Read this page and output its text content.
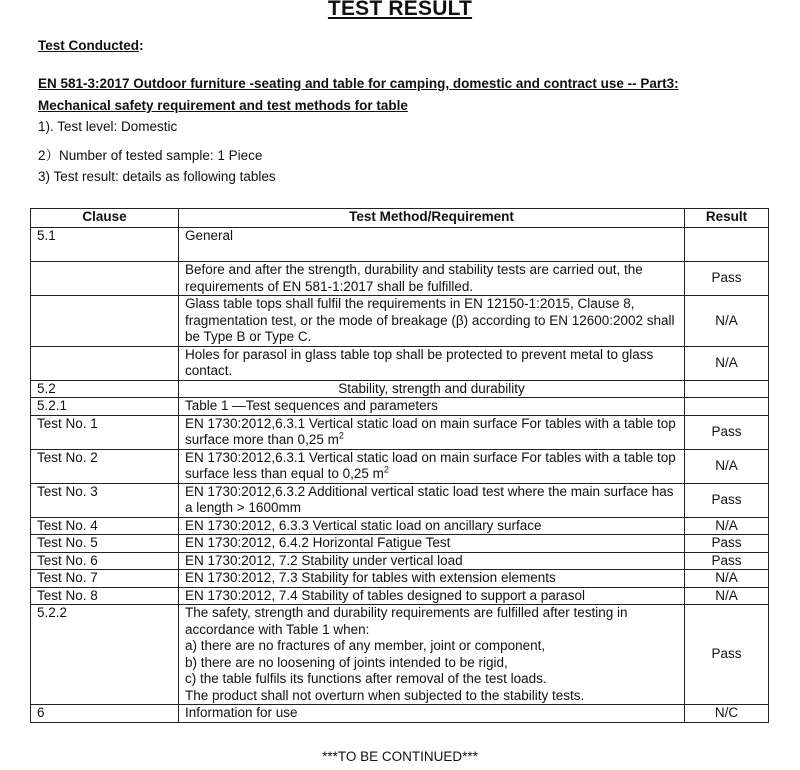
TEST RESULT
Test Conducted:
EN 581-3:2017 Outdoor furniture -seating and table for camping, domestic and contract use -- Part3:
Mechanical safety requirement and test methods for table
1). Test level: Domestic
2）Number of tested sample: 1 Piece
3) Test result: details as following tables
Clause	Test Method/Requirement	Result
5.1	General	
	Before and after the strength, durability and stability tests are carried out, the requirements of EN 581-1:2017 shall be fulfilled.	Pass
	Glass table tops shall fulfil the requirements in EN 12150-1:2015, Clause 8, fragmentation test, or the mode of breakage (β) according to EN 12600:2002 shall be Type B or Type C.	N/A
	Holes for parasol in glass table top shall be protected to prevent metal to glass contact.	N/A
5.2	Stability, strength and durability	
5.2.1	Table 1 —Test sequences and parameters	
Test No. 1	EN 1730:2012,6.3.1 Vertical static load on main surface For tables with a table top surface more than 0,25 $m^2$	Pass
Test No. 2	EN 1730:2012,6.3.1 Vertical static load on main surface For tables with a table top surface less than equal to 0,25 $m^2$	N/A
Test No. 3	EN 1730:2012,6.3.2 Additional vertical static load test where the main surface has a length > 1600mm	Pass
Test No. 4	EN 1730:2012, 6.3.3 Vertical static load on ancillary surface	N/A
Test No. 5	EN 1730:2012, 6.4.2 Horizontal Fatigue Test	Pass
Test No. 6	EN 1730:2012, 7.2 Stability under vertical load	Pass
Test No. 7	EN 1730:2012, 7.3 Stability for tables with extension elements	N/A
Test No. 8	EN 1730:2012, 7.4 Stability of tables designed to support a parasol	N/A
5.2.2	The safety, strength and durability requirements are fulfilled after testing in accordance with Table 1 when:
a) there are no fractures of any member, joint or component,
b) there are no loosening of joints intended to be rigid,
c) the table fulfils its functions after removal of the test loads.
The product shall not overturn when subjected to the stability tests.	Pass
6	Information for use	N/C
***TO BE CONTINUED***
